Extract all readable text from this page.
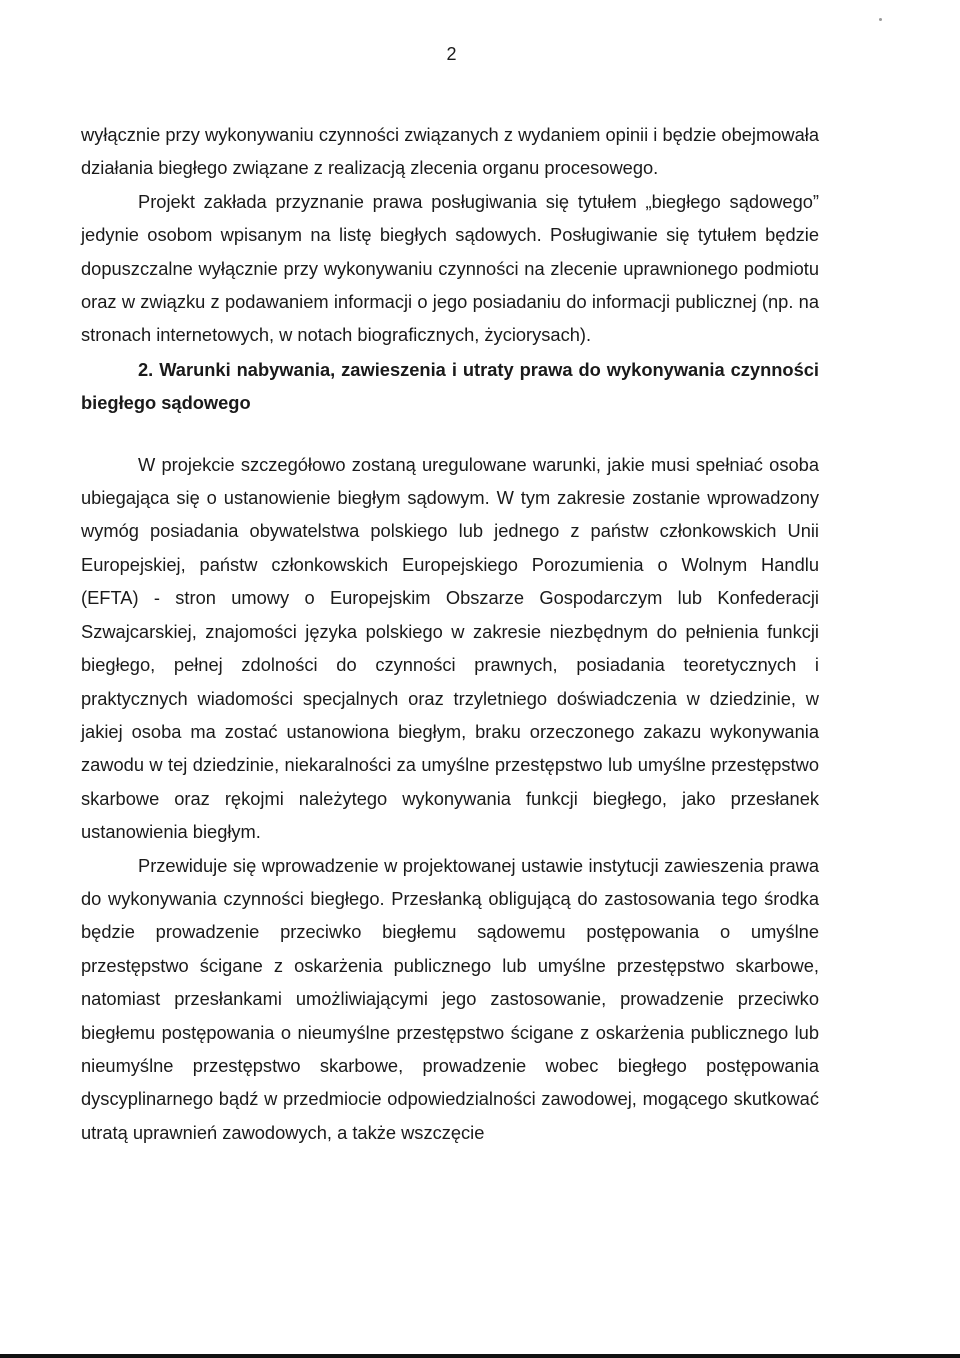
2

wyłącznie przy wykonywaniu czynności związanych z wydaniem opinii i będzie obejmowała działania biegłego związane z realizacją zlecenia organu procesowego.

Projekt zakłada przyznanie prawa posługiwania się tytułem „biegłego sądowego” jedynie osobom wpisanym na listę biegłych sądowych. Posługiwanie się tytułem będzie dopuszczalne wyłącznie przy wykonywaniu czynności na zlecenie uprawnionego podmiotu oraz w związku z podawaniem informacji o jego posiadaniu do informacji publicznej (np. na stronach internetowych, w notach biograficznych, życiorysach).

2. Warunki nabywania, zawieszenia i utraty prawa do wykonywania czynności biegłego sądowego

W projekcie szczegółowo zostaną uregulowane warunki, jakie musi spełniać osoba ubiegająca się o ustanowienie biegłym sądowym. W tym zakresie zostanie wprowadzony wymóg posiadania obywatelstwa polskiego lub jednego z państw członkowskich Unii Europejskiej, państw członkowskich Europejskiego Porozumienia o Wolnym Handlu (EFTA) - stron umowy o Europejskim Obszarze Gospodarczym lub Konfederacji Szwajcarskiej, znajomości języka polskiego w zakresie niezbędnym do pełnienia funkcji biegłego, pełnej zdolności do czynności prawnych, posiadania teoretycznych i praktycznych wiadomości specjalnych oraz trzyletniego doświadczenia w dziedzinie, w jakiej osoba ma zostać ustanowiona biegłym, braku orzeczonego zakazu wykonywania zawodu w tej dziedzinie, niekaralności za umyślne przestępstwo lub umyślne przestępstwo skarbowe oraz rękojmi należytego wykonywania funkcji biegłego, jako przesłanek ustanowienia biegłym.

Przewiduje się wprowadzenie w projektowanej ustawie instytucji zawieszenia prawa do wykonywania czynności biegłego. Przesłanką obligującą do zastosowania tego środka będzie prowadzenie przeciwko biegłemu sądowemu postępowania o umyślne przestępstwo ścigane z oskarżenia publicznego lub umyślne przestępstwo skarbowe, natomiast przesłankami umożliwiającymi jego zastosowanie, prowadzenie przeciwko biegłemu postępowania o nieumyślne przestępstwo ścigane z oskarżenia publicznego lub nieumyślne przestępstwo skarbowe, prowadzenie wobec biegłego postępowania dyscyplinarnego bądź w przedmiocie odpowiedzialności zawodowej, mogącego skutkować utratą uprawnień zawodowych, a także wszczęcie
